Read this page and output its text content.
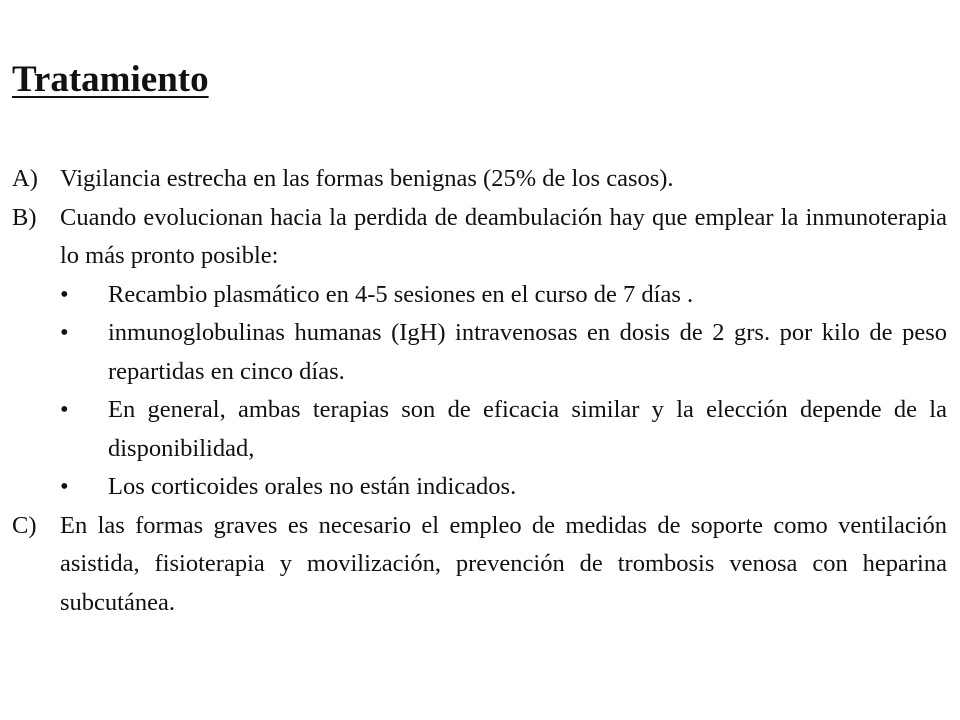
Tratamiento
A) Vigilancia estrecha en las formas benignas (25% de los casos).
B) Cuando evolucionan hacia la perdida de deambulación hay que emplear la inmunoterapia lo más pronto posible:
• Recambio plasmático en 4-5 sesiones en el curso de 7 días .
• inmunoglobulinas humanas (IgH) intravenosas en dosis de 2 grs. por kilo de peso repartidas en cinco días.
• En general, ambas terapias son de eficacia similar y la elección depende de la disponibilidad,
• Los corticoides orales no están indicados.
C) En las formas graves es necesario el empleo de medidas de soporte como ventilación asistida, fisioterapia y movilización, prevención de trombosis venosa con heparina subcutánea.
